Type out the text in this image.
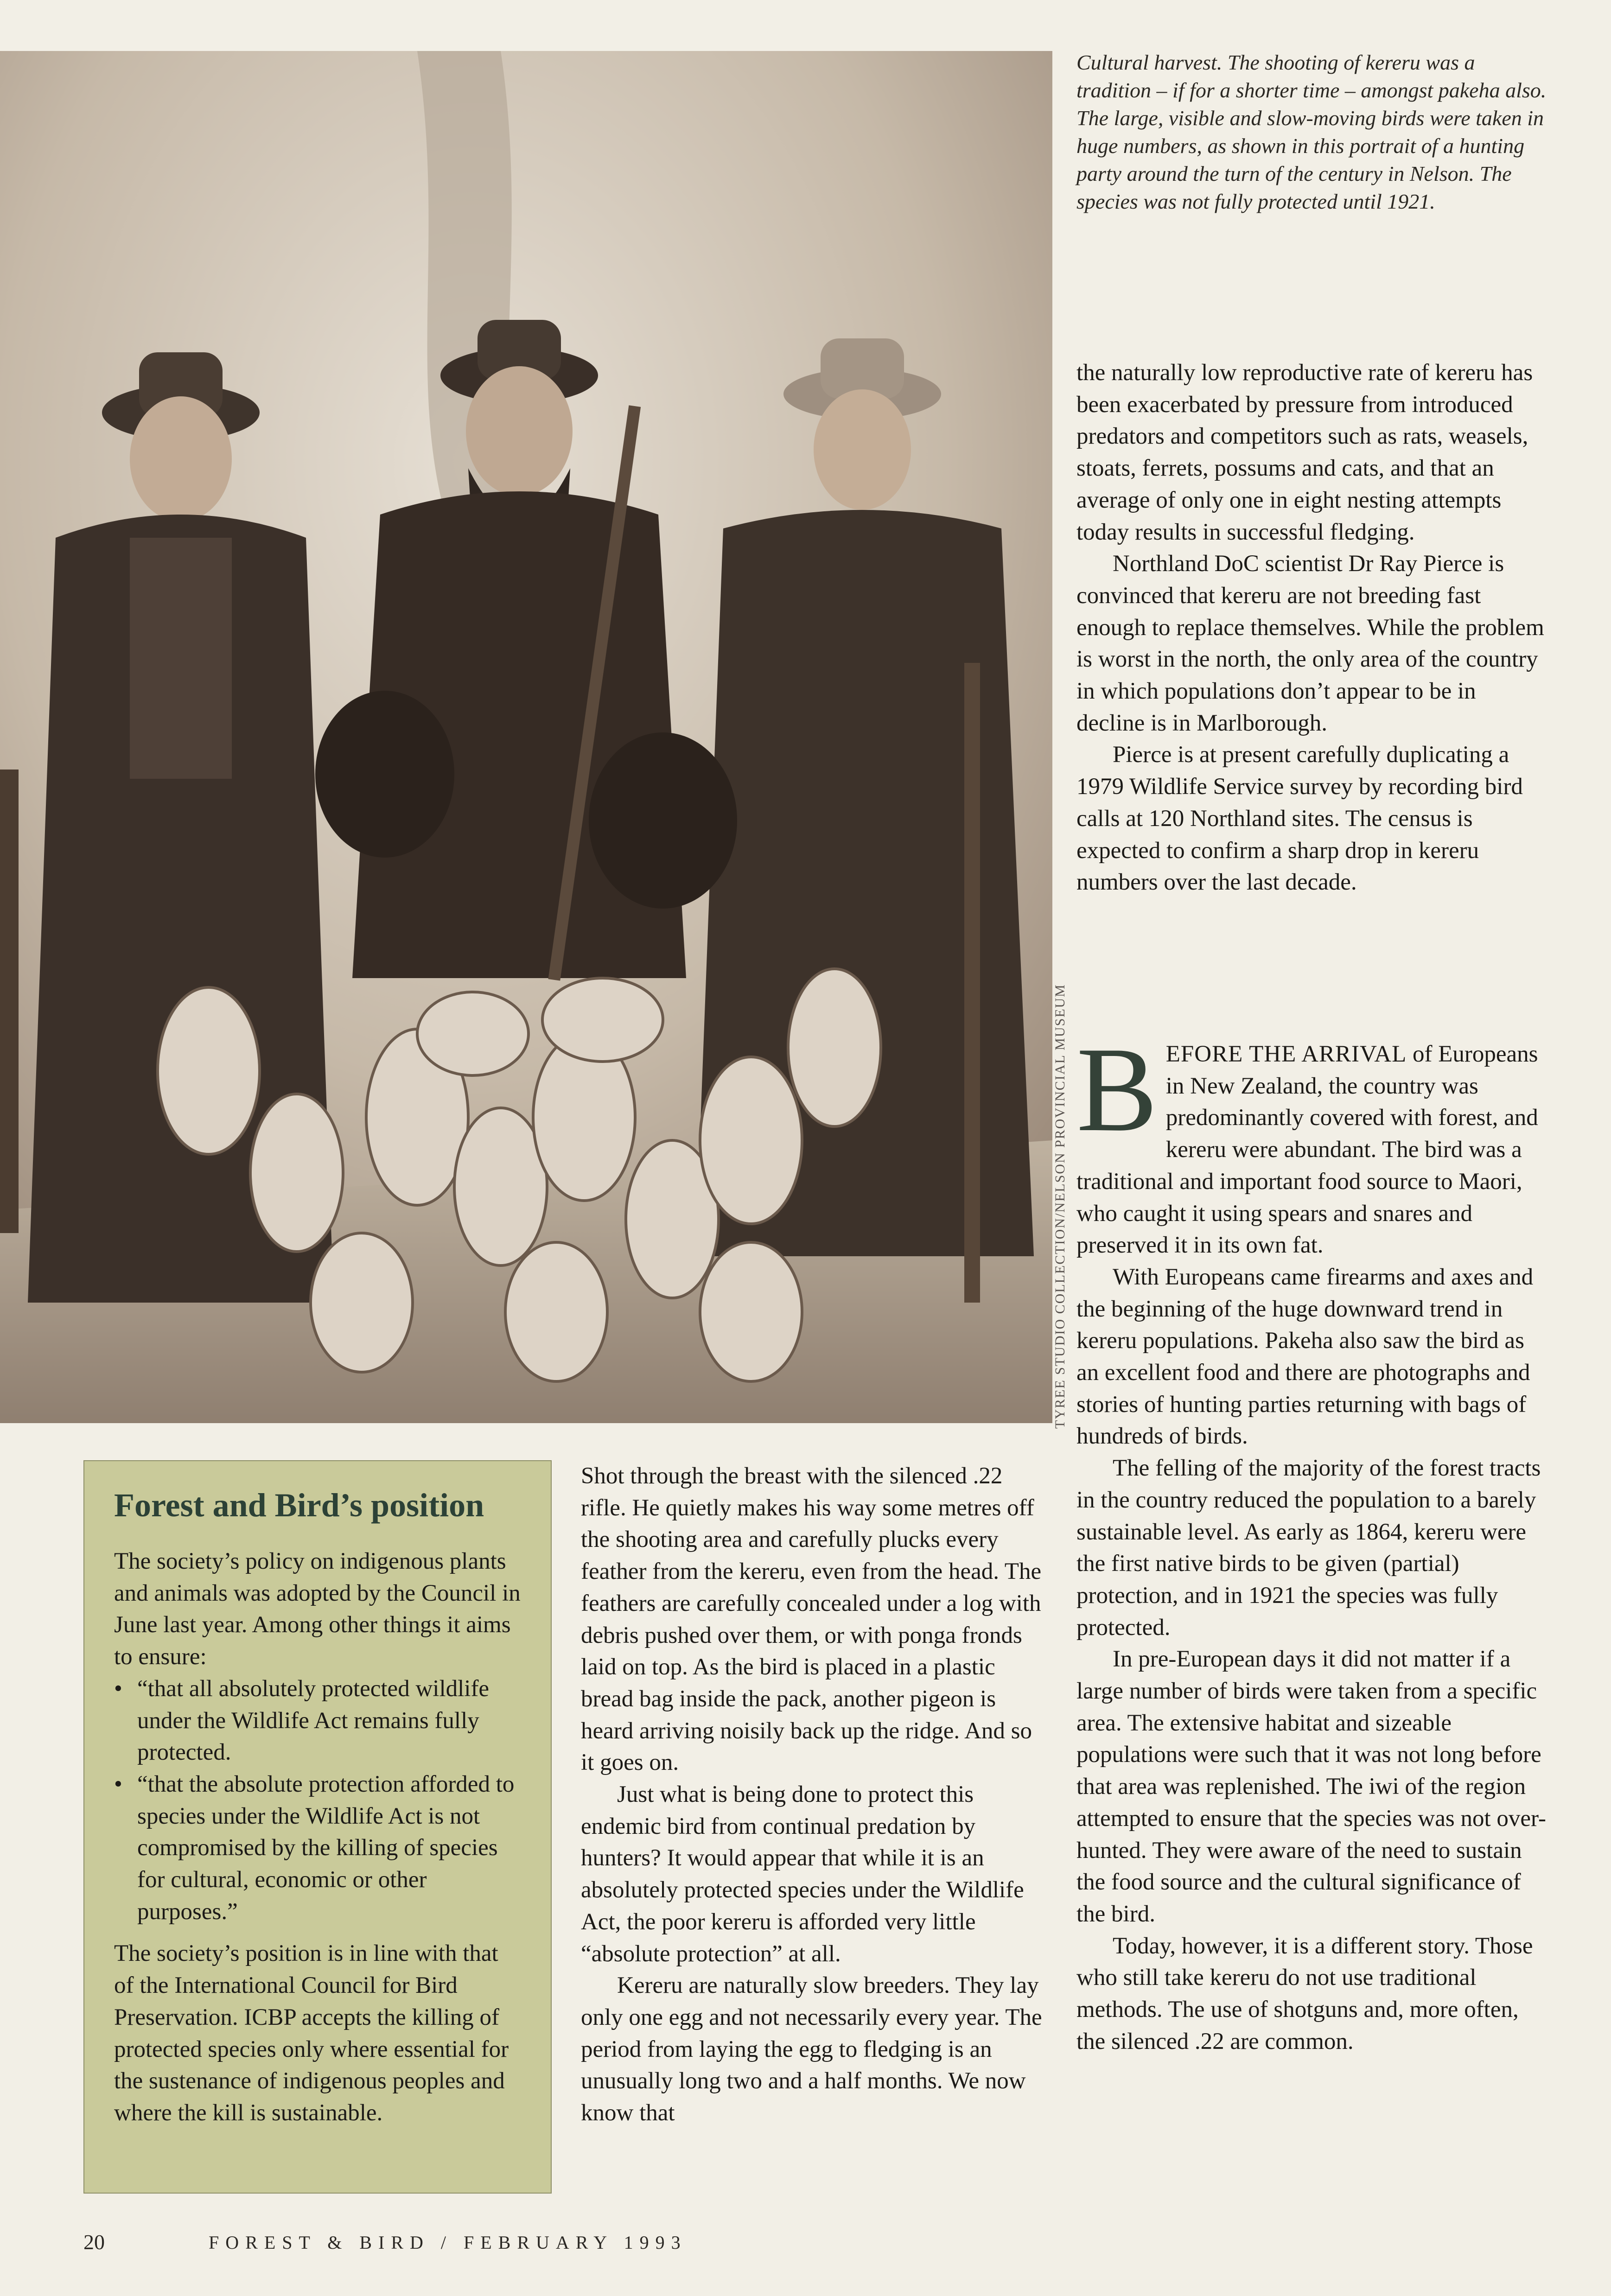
TYREE STUDIO COLLECTION/NELSON PROVINCIAL MUSEUM
Cultural harvest. The shooting of kereru was a tradition – if for a shorter time – amongst pakeha also. The large, visible and slow-moving birds were taken in huge numbers, as shown in this portrait of a hunting party around the turn of the century in Nelson. The species was not fully protected until 1921.

the naturally low reproductive rate of kereru has been exacerbated by pressure from introduced predators and competitors such as rats, weasels, stoats, ferrets, possums and cats, and that an average of only one in eight nesting attempts today results in successful fledging.

Northland DoC scientist Dr Ray Pierce is convinced that kereru are not breeding fast enough to replace themselves. While the problem is worst in the north, the only area of the country in which populations don’t appear to be in decline is in Marlborough.

Pierce is at present carefully duplicating a 1979 Wildlife Service survey by recording bird calls at 120 Northland sites. The census is expected to confirm a sharp drop in kereru numbers over the last decade.

BEFORE THE ARRIVAL of Europeans in New Zealand, the country was predominantly covered with forest, and kereru were abundant. The bird was a traditional and important food source to Maori, who caught it using spears and snares and preserved it in its own fat.

With Europeans came firearms and axes and the beginning of the huge downward trend in kereru populations. Pakeha also saw the bird as an excellent food and there are photographs and stories of hunting parties returning with bags of hundreds of birds.

The felling of the majority of the forest tracts in the country reduced the population to a barely sustainable level. As early as 1864, kereru were the first native birds to be given (partial) protection, and in 1921 the species was fully protected.

In pre-European days it did not matter if a large number of birds were taken from a specific area. The extensive habitat and sizeable populations were such that it was not long before that area was replenished. The iwi of the region attempted to ensure that the species was not over-hunted. They were aware of the need to sustain the food source and the cultural significance of the bird.

Today, however, it is a different story. Those who still take kereru do not use traditional methods. The use of shotguns and, more often, the silenced .22 are common.

Shot through the breast with the silenced .22 rifle. He quietly makes his way some metres off the shooting area and carefully plucks every feather from the kereru, even from the head. The feathers are carefully concealed under a log with debris pushed over them, or with ponga fronds laid on top. As the bird is placed in a plastic bread bag inside the pack, another pigeon is heard arriving noisily back up the ridge. And so it goes on.

Just what is being done to protect this endemic bird from continual predation by hunters? It would appear that while it is an absolutely protected species under the Wildlife Act, the poor kereru is afforded very little “absolute protection” at all.

Kereru are naturally slow breeders. They lay only one egg and not necessarily every year. The period from laying the egg to fledging is an unusually long two and a half months. We now know that

Forest and Bird’s position

The society’s policy on indigenous plants and animals was adopted by the Council in June last year. Among other things it aims to ensure:

• “that all absolutely protected wildlife under the Wildlife Act remains fully protected.
• “that the absolute protection afforded to species under the Wildlife Act is not compromised by the killing of species for cultural, economic or other purposes.”

The society’s position is in line with that of the International Council for Bird Preservation. ICBP accepts the killing of protected species only where essential for the sustenance of indigenous peoples and where the kill is sustainable.

20	FOREST & BIRD / FEBRUARY 1993
